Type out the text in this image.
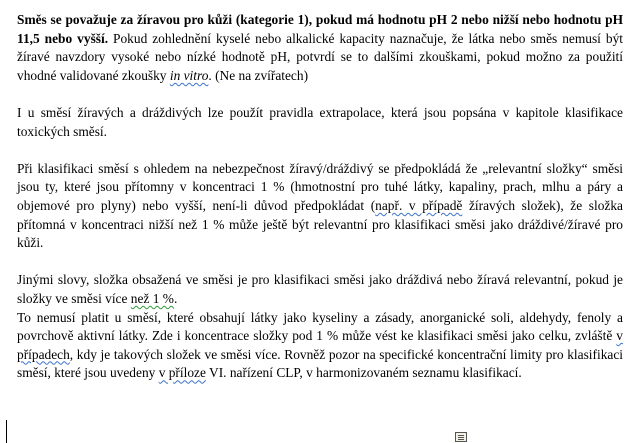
Směs se považuje za žíravou pro kůži (kategorie 1), pokud má hodnotu pH 2 nebo nižší nebo hodnotu pH 11,5 nebo vyšší. Pokud zohlednění kyselé nebo alkalické kapacity naznačuje, že látka nebo směs nemusí být žíravé navzdory vysoké nebo nízké hodnotě pH, potvrdí se to dalšími zkouškami, pokud možno za použití vhodné validované zkoušky in vitro. (Ne na zvířatech)

I u směsí žíravých a dráždivých lze použít pravidla extrapolace, která jsou popsána v kapitole klasifikace toxických směsí.

Při klasifikaci směsí s ohledem na nebezpečnost žíravý/dráždivý se předpokládá že „relevantní složky“ směsi jsou ty, které jsou přítomny v koncentraci 1 % (hmotnostní pro tuhé látky, kapaliny, prach, mlhu a páry a objemové pro plyny) nebo vyšší, není-li důvod předpokládat (např. v případě žíravých složek), že složka přítomná v koncentraci nižší než 1 % může ještě být relevantní pro klasifikaci směsi jako dráždivé/žíravé pro kůži.

Jinými slovy, složka obsažená ve směsi je pro klasifikaci směsi jako dráždivá nebo žíravá relevantní, pokud je složky ve směsi více než 1 %.

To nemusí platit u směsí, které obsahují látky jako kyseliny a zásady, anorganické soli, aldehydy, fenoly a povrchově aktivní látky. Zde i koncentrace složky pod 1 % může vést ke klasifikaci směsi jako celku, zvláště v případech, kdy je takových složek ve směsi více. Rovněž pozor na specifické koncentrační limity pro klasifikaci směsí, které jsou uvedeny v příloze VI. nařízení CLP, v harmonizovaném seznamu klasifikací.
